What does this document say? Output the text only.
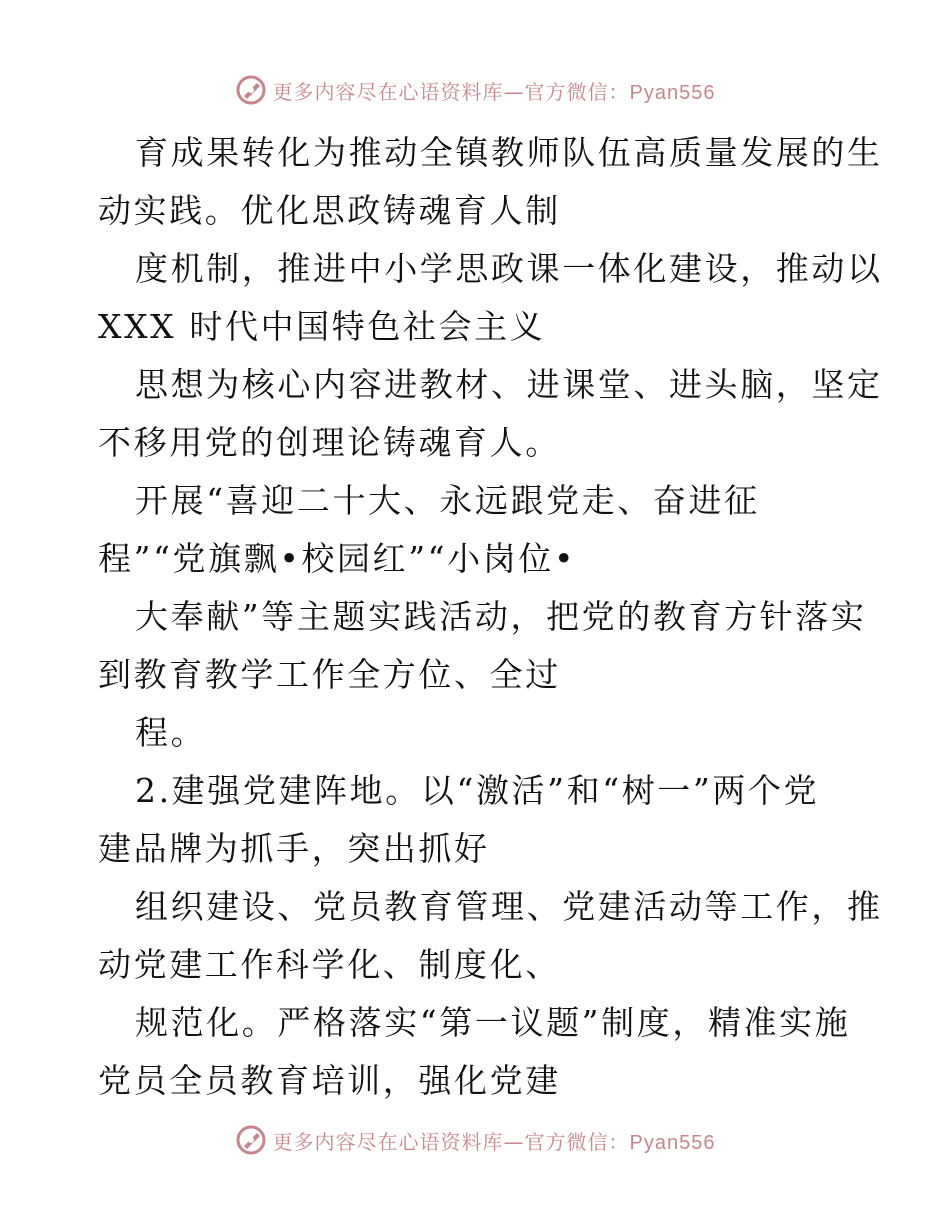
更多内容尽在心语资料库—官方微信：Pyan556
育成果转化为推动全镇教师队伍高质量发展的生
动实践。优化思政铸魂育人制
度机制，推进中小学思政课一体化建设，推动以
XXX 时代中国特色社会主义
思想为核心内容进教材、进课堂、进头脑，坚定
不移用党的创理论铸魂育人。
开展“喜迎二十大、永远跟党走、奋进征
程”“党旗飘•校园红”“小岗位•
大奉献”等主题实践活动，把党的教育方针落实
到教育教学工作全方位、全过
程。
2.建强党建阵地。以“激活”和“树一”两个党
建品牌为抓手，突出抓好
组织建设、党员教育管理、党建活动等工作，推
动党建工作科学化、制度化、
规范化。严格落实“第一议题”制度，精准实施
党员全员教育培训，强化党建
更多内容尽在心语资料库—官方微信：Pyan556
